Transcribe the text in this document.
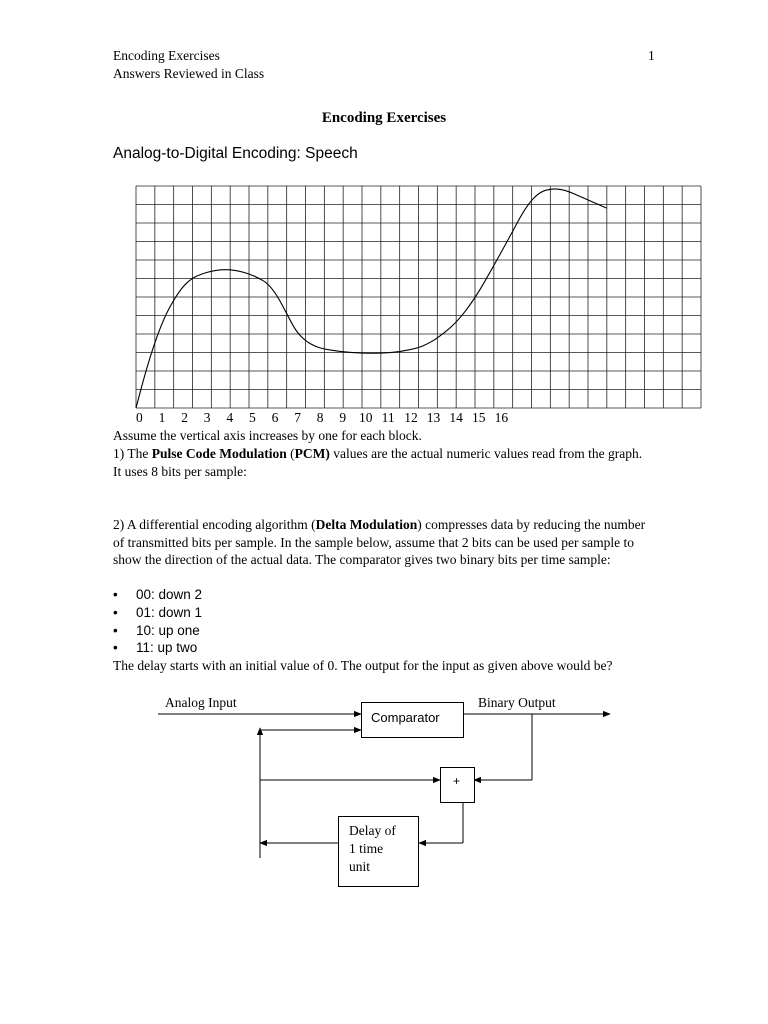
Encoding Exercises
Answers Reviewed in Class
1
Encoding Exercises
Analog-to-Digital Encoding: Speech
0 1 2 3 4 5 6 7 8 9 10 11 12 13 14 15 16
Assume the vertical axis increases by one for each block.
1) The Pulse Code Modulation (PCM) values are the actual numeric values read from the graph. It uses 8 bits per sample:
2) A differential encoding algorithm (Delta Modulation) compresses data by reducing the number of transmitted bits per sample. In the sample below, assume that 2 bits can be used per sample to show the direction of the actual data. The comparator gives two binary bits per time sample:
• 00: down 2
• 01: down 1
• 10: up one
• 11: up two
The delay starts with an initial value of 0. The output for the input as given above would be?
Analog Input	Binary Output
Comparator
+
Delay of
1 time
unit
